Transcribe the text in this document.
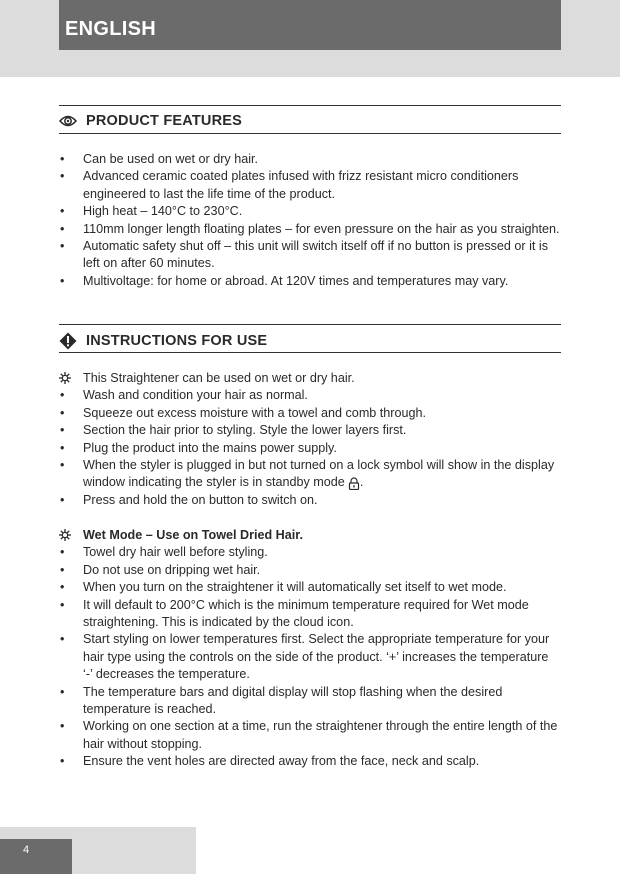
ENGLISH
PRODUCT FEATURES
• Can be used on wet or dry hair.
• Advanced ceramic coated plates infused with frizz resistant micro conditioners engineered to last the life time of the product.
• High heat – 140°C to 230°C.
• 110mm longer length floating plates – for even pressure on the hair as you straighten.
• Automatic safety shut off – this unit will switch itself off if no button is pressed or it is left on after 60 minutes.
• Multivoltage: for home or abroad. At 120V times and temperatures may vary.
INSTRUCTIONS FOR USE
This Straightener can be used on wet or dry hair.
• Wash and condition your hair as normal.
• Squeeze out excess moisture with a towel and comb through.
• Section the hair prior to styling. Style the lower layers first.
• Plug the product into the mains power supply.
• When the styler is plugged in but not turned on a lock symbol will show in the display window indicating the styler is in standby mode .
• Press and hold the on button to switch on.
Wet Mode – Use on Towel Dried Hair.
• Towel dry hair well before styling.
• Do not use on dripping wet hair.
• When you turn on the straightener it will automatically set itself to wet mode.
• It will default to 200°C which is the minimum temperature required for Wet mode straightening. This is indicated by the cloud icon.
• Start styling on lower temperatures first. Select the appropriate temperature for your hair type using the controls on the side of the product. ‘+’ increases the temperature ‘-’ decreases the temperature.
• The temperature bars and digital display will stop flashing when the desired temperature is reached.
• Working on one section at a time, run the straightener through the entire length of the hair without stopping.
• Ensure the vent holes are directed away from the face, neck and scalp.
4
